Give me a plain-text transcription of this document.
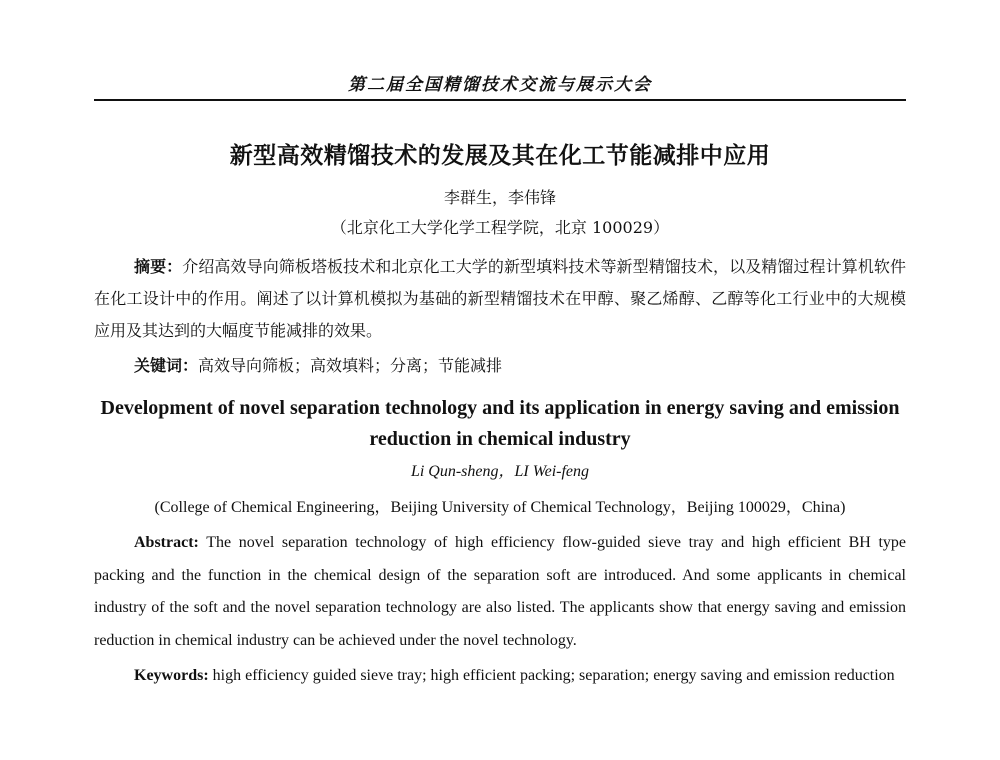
第二届全国精馏技术交流与展示大会
新型高效精馏技术的发展及其在化工节能减排中应用
李群生，李伟锋
（北京化工大学化学工程学院，北京 100029）
摘要：介绍高效导向筛板塔板技术和北京化工大学的新型填料技术等新型精馏技术，以及精馏过程计算机软件在化工设计中的作用。阐述了以计算机模拟为基础的新型精馏技术在甲醇、聚乙烯醇、乙醇等化工行业中的大规模应用及其达到的大幅度节能减排的效果。
关键词：高效导向筛板；高效填料；分离；节能减排
Development of novel separation technology and its application in energy saving and emission reduction in chemical industry
Li Qun-sheng，LI Wei-feng
(College of Chemical Engineering，Beijing University of Chemical Technology，Beijing 100029，China)
Abstract: The novel separation technology of high efficiency flow-guided sieve tray and high efficient BH type packing and the function in the chemical design of the separation soft are introduced. And some applicants in chemical industry of the soft and the novel separation technology are also listed. The applicants show that energy saving and emission reduction in chemical industry can be achieved under the novel technology.
Keywords: high efficiency guided sieve tray; high efficient packing; separation; energy saving and emission reduction
